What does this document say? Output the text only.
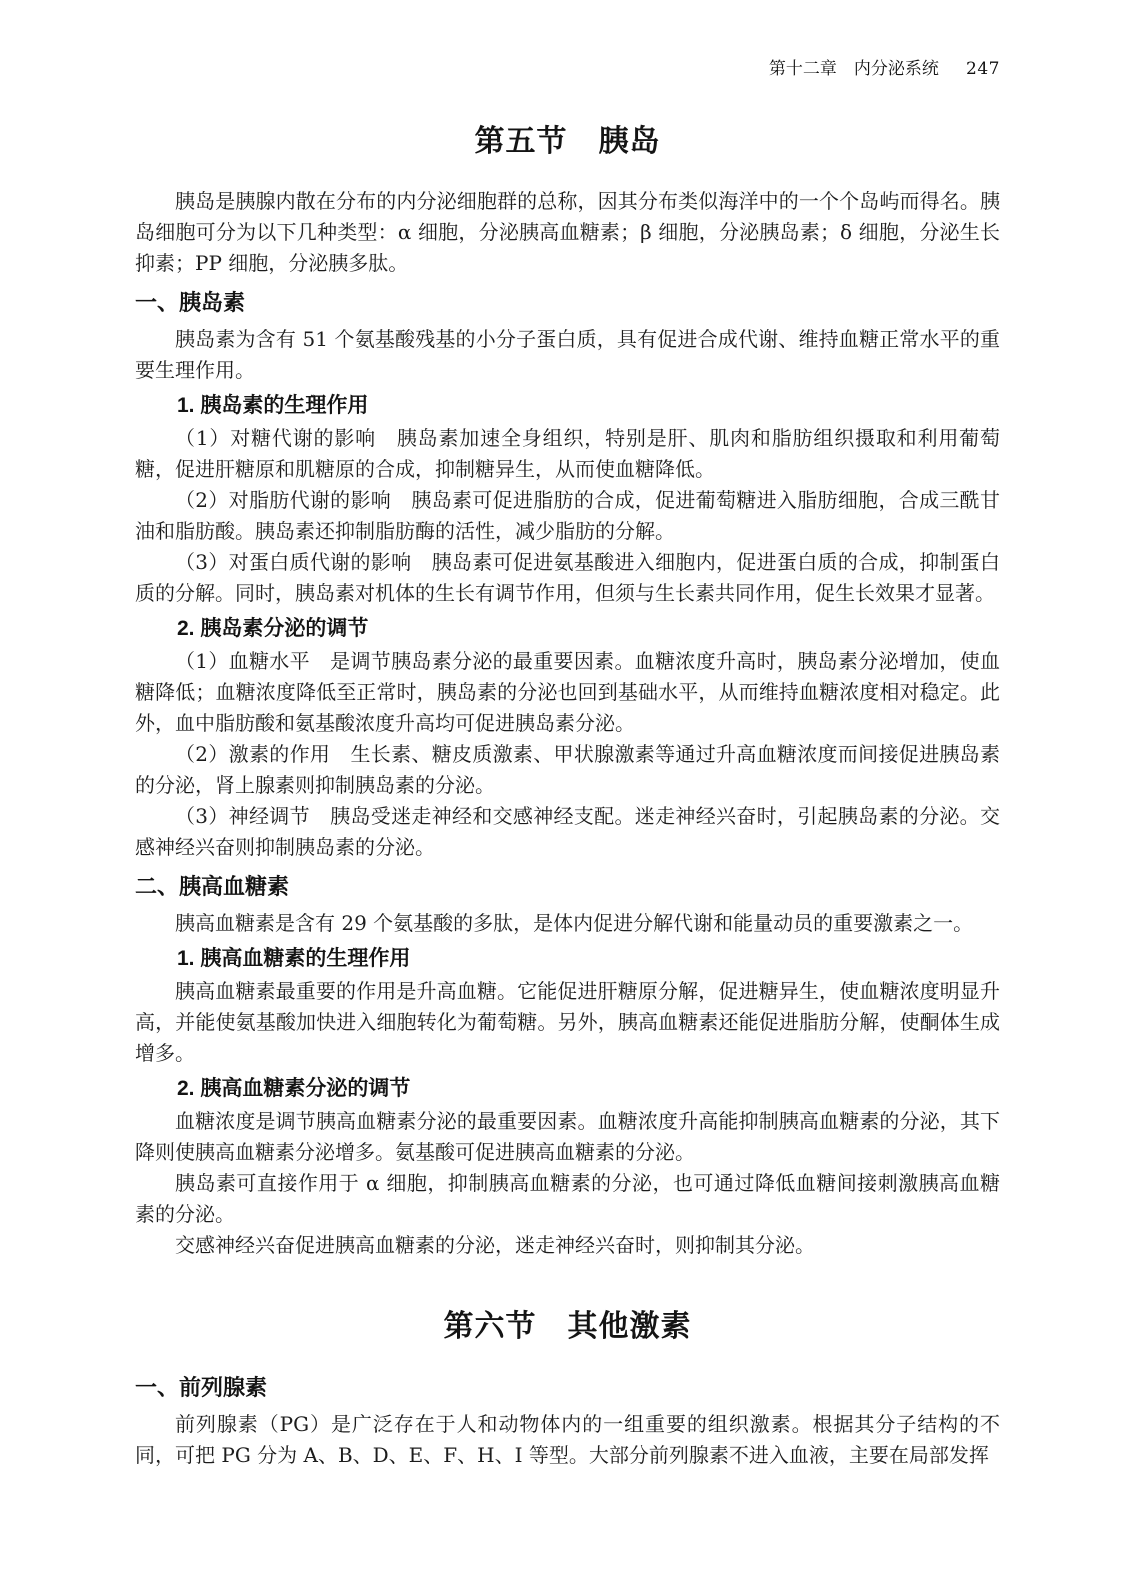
第十二章　内分泌系统 247
第五节　胰岛

胰岛是胰腺内散在分布的内分泌细胞群的总称，因其分布类似海洋中的一个个岛屿而得名。胰岛细胞可分为以下几种类型：α 细胞，分泌胰高血糖素；β 细胞，分泌胰岛素；δ 细胞，分泌生长抑素；PP 细胞，分泌胰多肽。

一、胰岛素

胰岛素为含有 51 个氨基酸残基的小分子蛋白质，具有促进合成代谢、维持血糖正常水平的重要生理作用。

1. 胰岛素的生理作用

（1）对糖代谢的影响　胰岛素加速全身组织，特别是肝、肌肉和脂肪组织摄取和利用葡萄糖，促进肝糖原和肌糖原的合成，抑制糖异生，从而使血糖降低。

（2）对脂肪代谢的影响　胰岛素可促进脂肪的合成，促进葡萄糖进入脂肪细胞，合成三酰甘油和脂肪酸。胰岛素还抑制脂肪酶的活性，减少脂肪的分解。

（3）对蛋白质代谢的影响　胰岛素可促进氨基酸进入细胞内，促进蛋白质的合成，抑制蛋白质的分解。同时，胰岛素对机体的生长有调节作用，但须与生长素共同作用，促生长效果才显著。

2. 胰岛素分泌的调节

（1）血糖水平　是调节胰岛素分泌的最重要因素。血糖浓度升高时，胰岛素分泌增加，使血糖降低；血糖浓度降低至正常时，胰岛素的分泌也回到基础水平，从而维持血糖浓度相对稳定。此外，血中脂肪酸和氨基酸浓度升高均可促进胰岛素分泌。

（2）激素的作用　生长素、糖皮质激素、甲状腺激素等通过升高血糖浓度而间接促进胰岛素的分泌，肾上腺素则抑制胰岛素的分泌。

（3）神经调节　胰岛受迷走神经和交感神经支配。迷走神经兴奋时，引起胰岛素的分泌。交感神经兴奋则抑制胰岛素的分泌。

二、胰高血糖素

胰高血糖素是含有 29 个氨基酸的多肽，是体内促进分解代谢和能量动员的重要激素之一。

1. 胰高血糖素的生理作用

胰高血糖素最重要的作用是升高血糖。它能促进肝糖原分解，促进糖异生，使血糖浓度明显升高，并能使氨基酸加快进入细胞转化为葡萄糖。另外，胰高血糖素还能促进脂肪分解，使酮体生成增多。

2. 胰高血糖素分泌的调节

血糖浓度是调节胰高血糖素分泌的最重要因素。血糖浓度升高能抑制胰高血糖素的分泌，其下降则使胰高血糖素分泌增多。氨基酸可促进胰高血糖素的分泌。

胰岛素可直接作用于 α 细胞，抑制胰高血糖素的分泌，也可通过降低血糖间接刺激胰高血糖素的分泌。

交感神经兴奋促进胰高血糖素的分泌，迷走神经兴奋时，则抑制其分泌。

第六节　其他激素
一、前列腺素

前列腺素（PG）是广泛存在于人和动物体内的一组重要的组织激素。根据其分子结构的不同，可把 PG 分为 A、B、D、E、F、H、I 等型。大部分前列腺素不进入血液，主要在局部发挥
